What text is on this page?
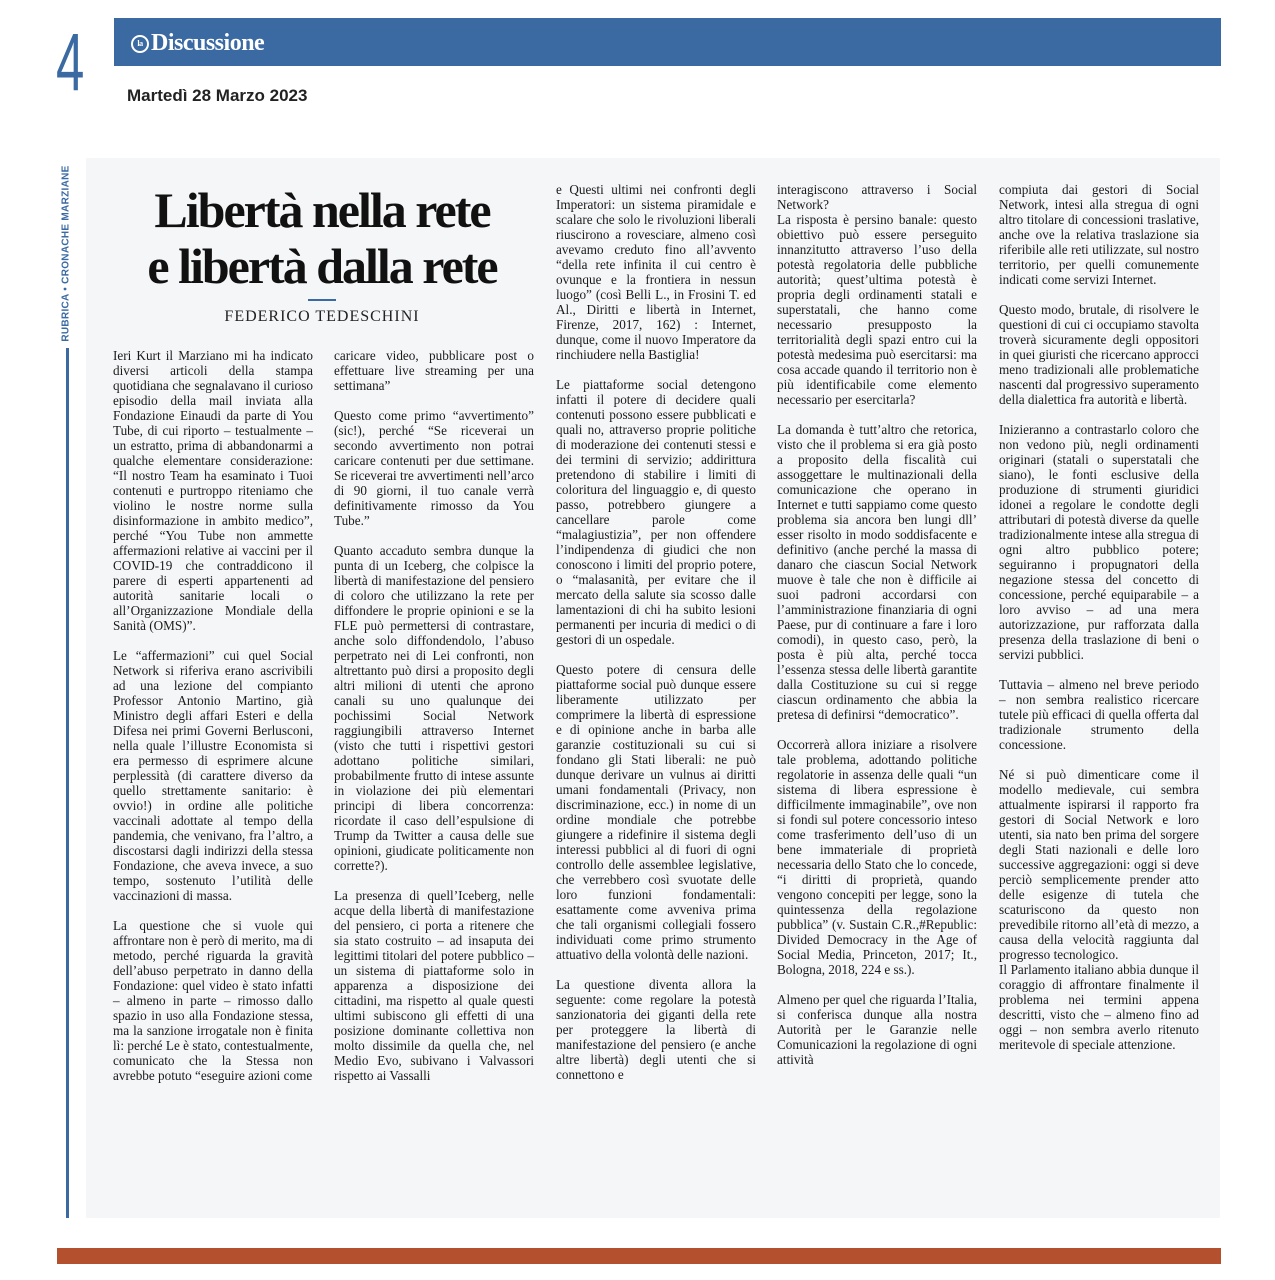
4	la Discussione
Martedì 28 Marzo 2023
RUBRICA • CRONACHE MARZIANE	Libertà nella rete
e libertà dalla rete
FEDERICO TEDESCHINI

Ieri Kurt il Marziano mi ha indicato diversi articoli della stampa quotidiana che segnalavano il curioso episodio della mail inviata alla Fondazione Einaudi da parte di You Tube, di cui riporto – testualmente – un estratto, prima di abbandonarmi a qualche elementare considerazione: “Il nostro Team ha esaminato i Tuoi contenuti e purtroppo riteniamo che violino le nostre norme sulla disinformazione in ambito medico”, perché “You Tube non ammette affermazioni relative ai vaccini per il COVID-19 che contraddicono il parere di esperti appartenenti ad autorità sanitarie locali o all’Organizzazione Mondiale della Sanità (OMS)”.

Le “affermazioni” cui quel Social Network si riferiva erano ascrivibili ad una lezione del compianto Professor Antonio Martino, già Ministro degli affari Esteri e della Difesa nei primi Governi Berlusconi, nella quale l’illustre Economista si era permesso di esprimere alcune perplessità (di carattere diverso da quello strettamente sanitario: è ovvio!) in ordine alle politiche vaccinali adottate al tempo della pandemia, che venivano, fra l’altro, a discostarsi dagli indirizzi della stessa Fondazione, che aveva invece, a suo tempo, sostenuto l’utilità delle vaccinazioni di massa.

La questione che si vuole qui affrontare non è però di merito, ma di metodo, perché riguarda la gravità dell’abuso perpetrato in danno della Fondazione: quel video è stato infatti – almeno in parte – rimosso dallo spazio in uso alla Fondazione stessa, ma la sanzione irrogatale non è finita lì: perché Le è stato, contestualmente, comunicato che la Stessa non avrebbe potuto “eseguire azioni come

caricare video, pubblicare post o effettuare live streaming per una settimana”

Questo come primo “avvertimento” (sic!), perché “Se riceverai un secondo avvertimento non potrai caricare contenuti per due settimane. Se riceverai tre avvertimenti nell’arco di 90 giorni, il tuo canale verrà definitivamente rimosso da You Tube.”

Quanto accaduto sembra dunque la punta di un Iceberg, che colpisce la libertà di manifestazione del pensiero di coloro che utilizzano la rete per diffondere le proprie opinioni e se la FLE può permettersi di contrastare, anche solo diffondendolo, l’abuso perpetrato nei di Lei confronti, non altrettanto può dirsi a proposito degli altri milioni di utenti che aprono canali su uno qualunque dei pochissimi Social Network raggiungibili attraverso Internet (visto che tutti i rispettivi gestori adottano politiche similari, probabilmente frutto di intese assunte in violazione dei più elementari principi di libera concorrenza: ricordate il caso dell’espulsione di Trump da Twitter a causa delle sue opinioni, giudicate politicamente non corrette?).

La presenza di quell’Iceberg, nelle acque della libertà di manifestazione del pensiero, ci porta a ritenere che sia stato costruito – ad insaputa dei legittimi titolari del potere pubblico – un sistema di piattaforme solo in apparenza a disposizione dei cittadini, ma rispetto al quale questi ultimi subiscono gli effetti di una posizione dominante collettiva non molto dissimile da quella che, nel Medio Evo, subivano i Valvassori rispetto ai Vassalli

e Questi ultimi nei confronti degli Imperatori: un sistema piramidale e scalare che solo le rivoluzioni liberali riuscirono a rovesciare, almeno così avevamo creduto fino all’avvento “della rete infinita il cui centro è ovunque e la frontiera in nessun luogo” (così Belli L., in Frosini T. ed Al., Diritti e libertà in Internet, Firenze, 2017, 162) : Internet, dunque, come il nuovo Imperatore da rinchiudere nella Bastiglia!

Le piattaforme social detengono infatti il potere di decidere quali contenuti possono essere pubblicati e quali no, attraverso proprie politiche di moderazione dei contenuti stessi e dei termini di servizio; addirittura pretendono di stabilire i limiti di coloritura del linguaggio e, di questo passo, potrebbero giungere a cancellare parole come “malagiustizia”, per non offendere l’indipendenza di giudici che non conoscono i limiti del proprio potere, o “malasanità, per evitare che il mercato della salute sia scosso dalle lamentazioni di chi ha subito lesioni permanenti per incuria di medici o di gestori di un ospedale.

Questo potere di censura delle piattaforme social può dunque essere liberamente utilizzato per comprimere la libertà di espressione e di opinione anche in barba alle garanzie costituzionali su cui si fondano gli Stati liberali: ne può dunque derivare un vulnus ai diritti umani fondamentali (Privacy, non discriminazione, ecc.) in nome di un ordine mondiale che potrebbe giungere a ridefinire il sistema degli interessi pubblici al di fuori di ogni controllo delle assemblee legislative, che verrebbero così svuotate delle loro funzioni fondamentali: esattamente come avveniva prima che tali organismi collegiali fossero individuati come primo strumento attuativo della volontà delle nazioni.

La questione diventa allora la seguente: come regolare la potestà sanzionatoria dei giganti della rete per proteggere la libertà di manifestazione del pensiero (e anche altre libertà) degli utenti che si connettono e

interagiscono attraverso i Social Network?
La risposta è persino banale: questo obiettivo può essere perseguito innanzitutto attraverso l’uso della potestà regolatoria delle pubbliche autorità; quest’ultima potestà è propria degli ordinamenti statali e superstatali, che hanno come necessario presupposto la territorialità degli spazi entro cui la potestà medesima può esercitarsi: ma cosa accade quando il territorio non è più identificabile come elemento necessario per esercitarla?

La domanda è tutt’altro che retorica, visto che il problema si era già posto a proposito della fiscalità cui assoggettare le multinazionali della comunicazione che operano in Internet e tutti sappiamo come questo problema sia ancora ben lungi dll’ esser risolto in modo soddisfacente e definitivo (anche perché la massa di danaro che ciascun Social Network muove è tale che non è difficile ai suoi padroni accordarsi con l’amministrazione finanziaria di ogni Paese, pur di continuare a fare i loro comodi), in questo caso, però, la posta è più alta, perché tocca l’essenza stessa delle libertà garantite dalla Costituzione su cui si regge ciascun ordinamento che abbia la pretesa di definirsi “democratico”.

Occorrerà allora iniziare a risolvere tale problema, adottando politiche regolatorie in assenza delle quali “un sistema di libera espressione è difficilmente immaginabile”, ove non si fondi sul potere concessorio inteso come trasferimento dell’uso di un bene immateriale di proprietà necessaria dello Stato che lo concede, “i diritti di proprietà, quando vengono concepiti per legge, sono la quintessenza della regolazione pubblica” (v. Sustain C.R.,#Republic: Divided Democracy in the Age of Social Media, Princeton, 2017; It., Bologna, 2018, 224 e ss.).

Almeno per quel che riguarda l’Italia, si conferisca dunque alla nostra Autorità per le Garanzie nelle Comunicazioni la regolazione di ogni attività

compiuta dai gestori di Social Network, intesi alla stregua di ogni altro titolare di concessioni traslative, anche ove la relativa traslazione sia riferibile alle reti utilizzate, sul nostro territorio, per quelli comunemente indicati come servizi Internet.

Questo modo, brutale, di risolvere le questioni di cui ci occupiamo stavolta troverà sicuramente degli oppositori in quei giuristi che ricercano approcci meno tradizionali alle problematiche nascenti dal progressivo superamento della dialettica fra autorità e libertà.

Inizieranno a contrastarlo coloro che non vedono più, negli ordinamenti originari (statali o superstatali che siano), le fonti esclusive della produzione di strumenti giuridici idonei a regolare le condotte degli attributari di potestà diverse da quelle tradizionalmente intese alla stregua di ogni altro pubblico potere; seguiranno i propugnatori della negazione stessa del concetto di concessione, perché equiparabile – a loro avviso – ad una mera autorizzazione, pur rafforzata dalla presenza della traslazione di beni o servizi pubblici.

Tuttavia – almeno nel breve periodo – non sembra realistico ricercare tutele più efficaci di quella offerta dal tradizionale strumento della concessione.

Né si può dimenticare come il modello medievale, cui sembra attualmente ispirarsi il rapporto fra gestori di Social Network e loro utenti, sia nato ben prima del sorgere degli Stati nazionali e delle loro successive aggregazioni: oggi si deve perciò semplicemente prender atto delle esigenze di tutela che scaturiscono da questo non prevedibile ritorno all’età di mezzo, a causa della velocità raggiunta dal progresso tecnologico.
Il Parlamento italiano abbia dunque il coraggio di affrontare finalmente il problema nei termini appena descritti, visto che – almeno fino ad oggi – non sembra averlo ritenuto meritevole di speciale attenzione.
